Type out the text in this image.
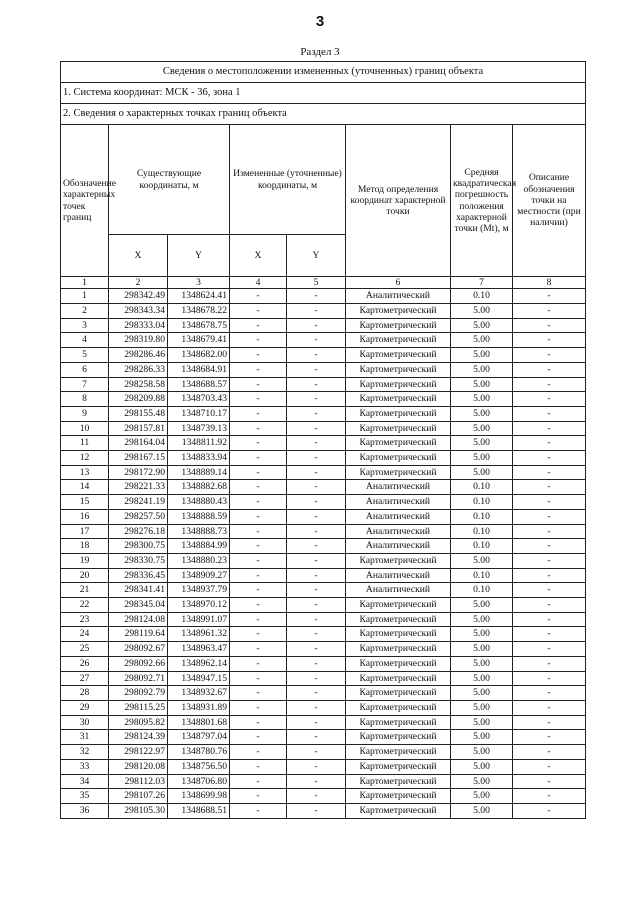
3
Раздел 3
Сведения о местоположении измененных (уточненных) границ объекта							
1. Система координат: МСК - 36, зона 1							
2. Сведения о характерных точках границ объекта							
Обозначение характерных точек границ	Существующие координаты, м		Измененные (уточненные) координаты, м		Метод определения координат характерной точки	Средняя квадратическая погрешность положения характерной точки (Mt), м	Описание обозначения точки на местности (при наличии)
	X	Y	X	Y			
1	2	3	4	5	6	7	8
1	298342.49	1348624.41	-	-	Аналитический	0.10	-
2	298343.34	1348678.22	-	-	Картометрический	5.00	-
3	298333.04	1348678.75	-	-	Картометрический	5.00	-
4	298319.80	1348679.41	-	-	Картометрический	5.00	-
5	298286.46	1348682.00	-	-	Картометрический	5.00	-
6	298286.33	1348684.91	-	-	Картометрический	5.00	-
7	298258.58	1348688.57	-	-	Картометрический	5.00	-
8	298209.88	1348703.43	-	-	Картометрический	5.00	-
9	298155.48	1348710.17	-	-	Картометрический	5.00	-
10	298157.81	1348739.13	-	-	Картометрический	5.00	-
11	298164.04	1348811.92	-	-	Картометрический	5.00	-
12	298167.15	1348833.94	-	-	Картометрический	5.00	-
13	298172.90	1348889.14	-	-	Картометрический	5.00	-
14	298221.33	1348882.68	-	-	Аналитический	0.10	-
15	298241.19	1348880.43	-	-	Аналитический	0.10	-
16	298257.50	1348888.59	-	-	Аналитический	0.10	-
17	298276.18	1348888.73	-	-	Аналитический	0.10	-
18	298300.75	1348884.99	-	-	Аналитический	0.10	-
19	298330.75	1348880.23	-	-	Картометрический	5.00	-
20	298336.45	1348909.27	-	-	Аналитический	0.10	-
21	298341.41	1348937.79	-	-	Аналитический	0.10	-
22	298345.04	1348970.12	-	-	Картометрический	5.00	-
23	298124.08	1348991.07	-	-	Картометрический	5.00	-
24	298119.64	1348961.32	-	-	Картометрический	5.00	-
25	298092.67	1348963.47	-	-	Картометрический	5.00	-
26	298092.66	1348962.14	-	-	Картометрический	5.00	-
27	298092.71	1348947.15	-	-	Картометрический	5.00	-
28	298092.79	1348932.67	-	-	Картометрический	5.00	-
29	298115.25	1348931.89	-	-	Картометрический	5.00	-
30	298095.82	1348801.68	-	-	Картометрический	5.00	-
31	298124.39	1348797.04	-	-	Картометрический	5.00	-
32	298122.97	1348780.76	-	-	Картометрический	5.00	-
33	298120.08	1348756.50	-	-	Картометрический	5.00	-
34	298112.03	1348706.80	-	-	Картометрический	5.00	-
35	298107.26	1348699.98	-	-	Картометрический	5.00	-
36	298105.30	1348688.51	-	-	Картометрический	5.00	-
